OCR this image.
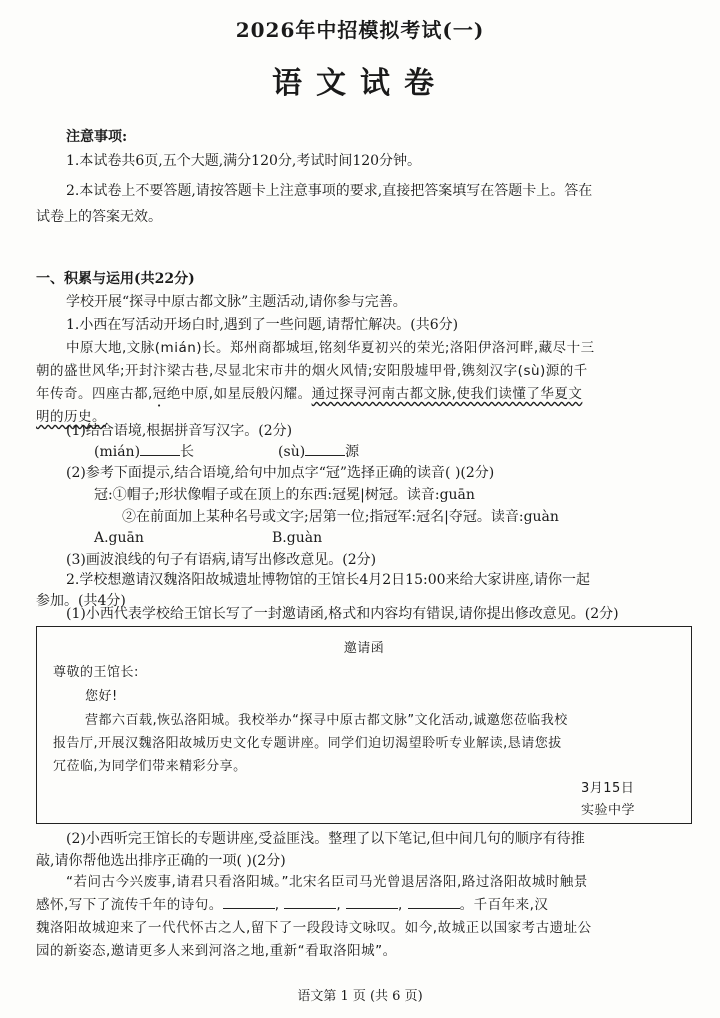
2026年中招模拟考试(一)
语文试卷
注意事项:
1.本试卷共6页,五个大题,满分120分,考试时间120分钟。
2.本试卷上不要答题,请按答题卡上注意事项的要求,直接把答案填写在答题卡上。答在
试卷上的答案无效。
一、积累与运用(共22分)
学校开展“探寻中原古都文脉”主题活动,请你参与完善。
1.小西在写活动开场白时,遇到了一些问题,请帮忙解决。(共6分)
中原大地,文脉(mián)长。郑州商都城垣,铭刻华夏初兴的荣光;洛阳伊洛河畔,藏尽十三
朝的盛世风华;开封汴梁古巷,尽显北宋市井的烟火风情;安阳殷墟甲骨,镌刻汉字(sù)源的千
年传奇。四座古都,冠绝中原,如星辰般闪耀。通过探寻河南古都文脉,使我们读懂了华夏文
明的历史。
(1)结合语境,根据拼音写汉字。(2分)
(mián)	长	(sù)	源
(2)参考下面提示,结合语境,给句中加点字“冠”选择正确的读音( )(2分)
冠:①帽子;形状像帽子或在顶上的东西:冠冕|树冠。读音:guān
②在前面加上某种名号或文字;居第一位;指冠军:冠名|夺冠。读音:guàn
A.guān	B.guàn
(3)画波浪线的句子有语病,请写出修改意见。(2分)
2.学校想邀请汉魏洛阳故城遗址博物馆的王馆长4月2日15:00来给大家讲座,请你一起
参加。(共4分)
(1)小西代表学校给王馆长写了一封邀请函,格式和内容均有错误,请你提出修改意见。(2分)
邀请函
尊敬的王馆长:
您好!
营都六百载,恢弘洛阳城。我校举办“探寻中原古都文脉”文化活动,诚邀您莅临我校
报告厅,开展汉魏洛阳故城历史文化专题讲座。同学们迫切渴望聆听专业解读,恳请您拔
冗莅临,为同学们带来精彩分享。
3月15日
实验中学
(2)小西听完王馆长的专题讲座,受益匪浅。整理了以下笔记,但中间几句的顺序有待推
敲,请你帮他选出排序正确的一项( )(2分)
“若问古今兴废事,请君只看洛阳城。”北宋名臣司马光曾退居洛阳,路过洛阳故城时触景
感怀,写下了流传千年的诗句。	,	,	,	。千百年来,汉
魏洛阳故城迎来了一代代怀古之人,留下了一段段诗文咏叹。如今,故城正以国家考古遗址公
园的新姿态,邀请更多人来到河洛之地,重新“看取洛阳城”。
语文第 1 页 (共 6 页)
